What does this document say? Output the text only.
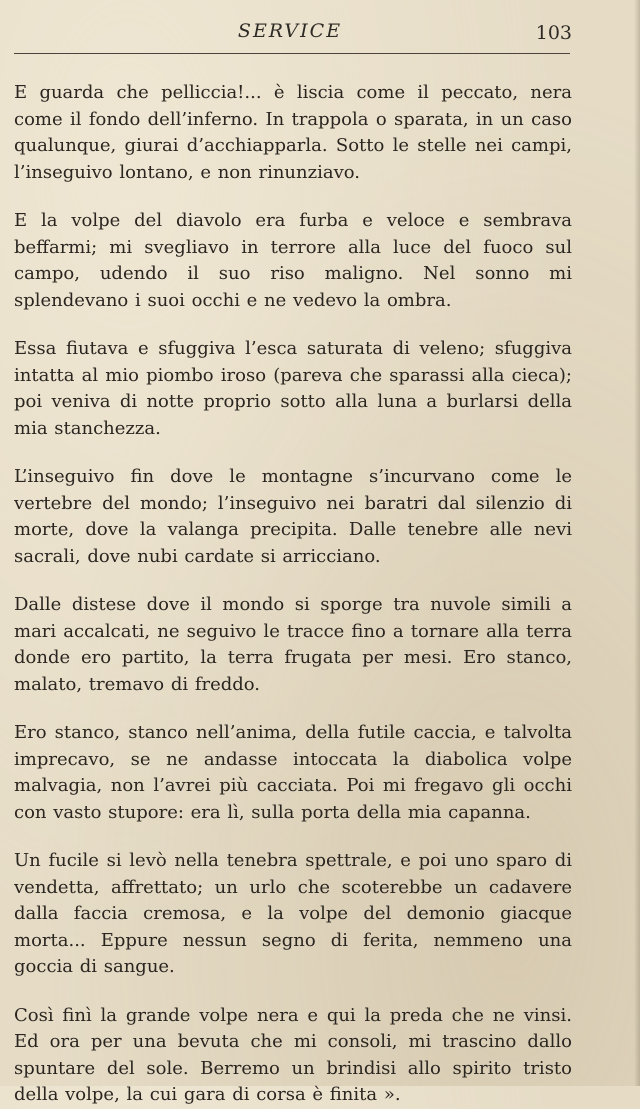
SERVICE	103

E guarda che pelliccia!... è liscia come il peccato, nera come il fondo dell’inferno. In trappola o sparata, in un caso qualunque, giurai d’acchiapparla. Sotto le stelle nei campi, l’inseguivo lontano, e non rinunziavo.

E la volpe del diavolo era furba e veloce e sembrava beffarmi; mi svegliavo in terrore alla luce del fuoco sul campo, udendo il suo riso maligno. Nel sonno mi splendevano i suoi occhi e ne vedevo la ombra.

Essa fiutava e sfuggiva l’esca saturata di veleno; sfuggiva intatta al mio piombo iroso (pareva che sparassi alla cieca); poi veniva di notte proprio sotto alla luna a burlarsi della mia stanchezza.

L’inseguivo fin dove le montagne s’incurvano come le vertebre del mondo; l’inseguivo nei baratri dal silenzio di morte, dove la valanga precipita. Dalle tenebre alle nevi sacrali, dove nubi cardate si arricciano.

Dalle distese dove il mondo si sporge tra nuvole simili a mari accalcati, ne seguivo le tracce fino a tornare alla terra donde ero partito, la terra frugata per mesi. Ero stanco, malato, tremavo di freddo.

Ero stanco, stanco nell’anima, della futile caccia, e talvolta imprecavo, se ne andasse intoccata la diabolica volpe malvagia, non l’avrei più cacciata. Poi mi fregavo gli occhi con vasto stupore: era lì, sulla porta della mia capanna.

Un fucile si levò nella tenebra spettrale, e poi uno sparo di vendetta, affrettato; un urlo che scoterebbe un cadavere dalla faccia cremosa, e la volpe del demonio giacque morta... Eppure nessun segno di ferita, nemmeno una goccia di sangue.

Così finì la grande volpe nera e qui la preda che ne vinsi. Ed ora per una bevuta che mi consoli, mi trascino dallo spuntare del sole. Berremo un brindisi allo spirito tristo della volpe, la cui gara di corsa è finita ».
